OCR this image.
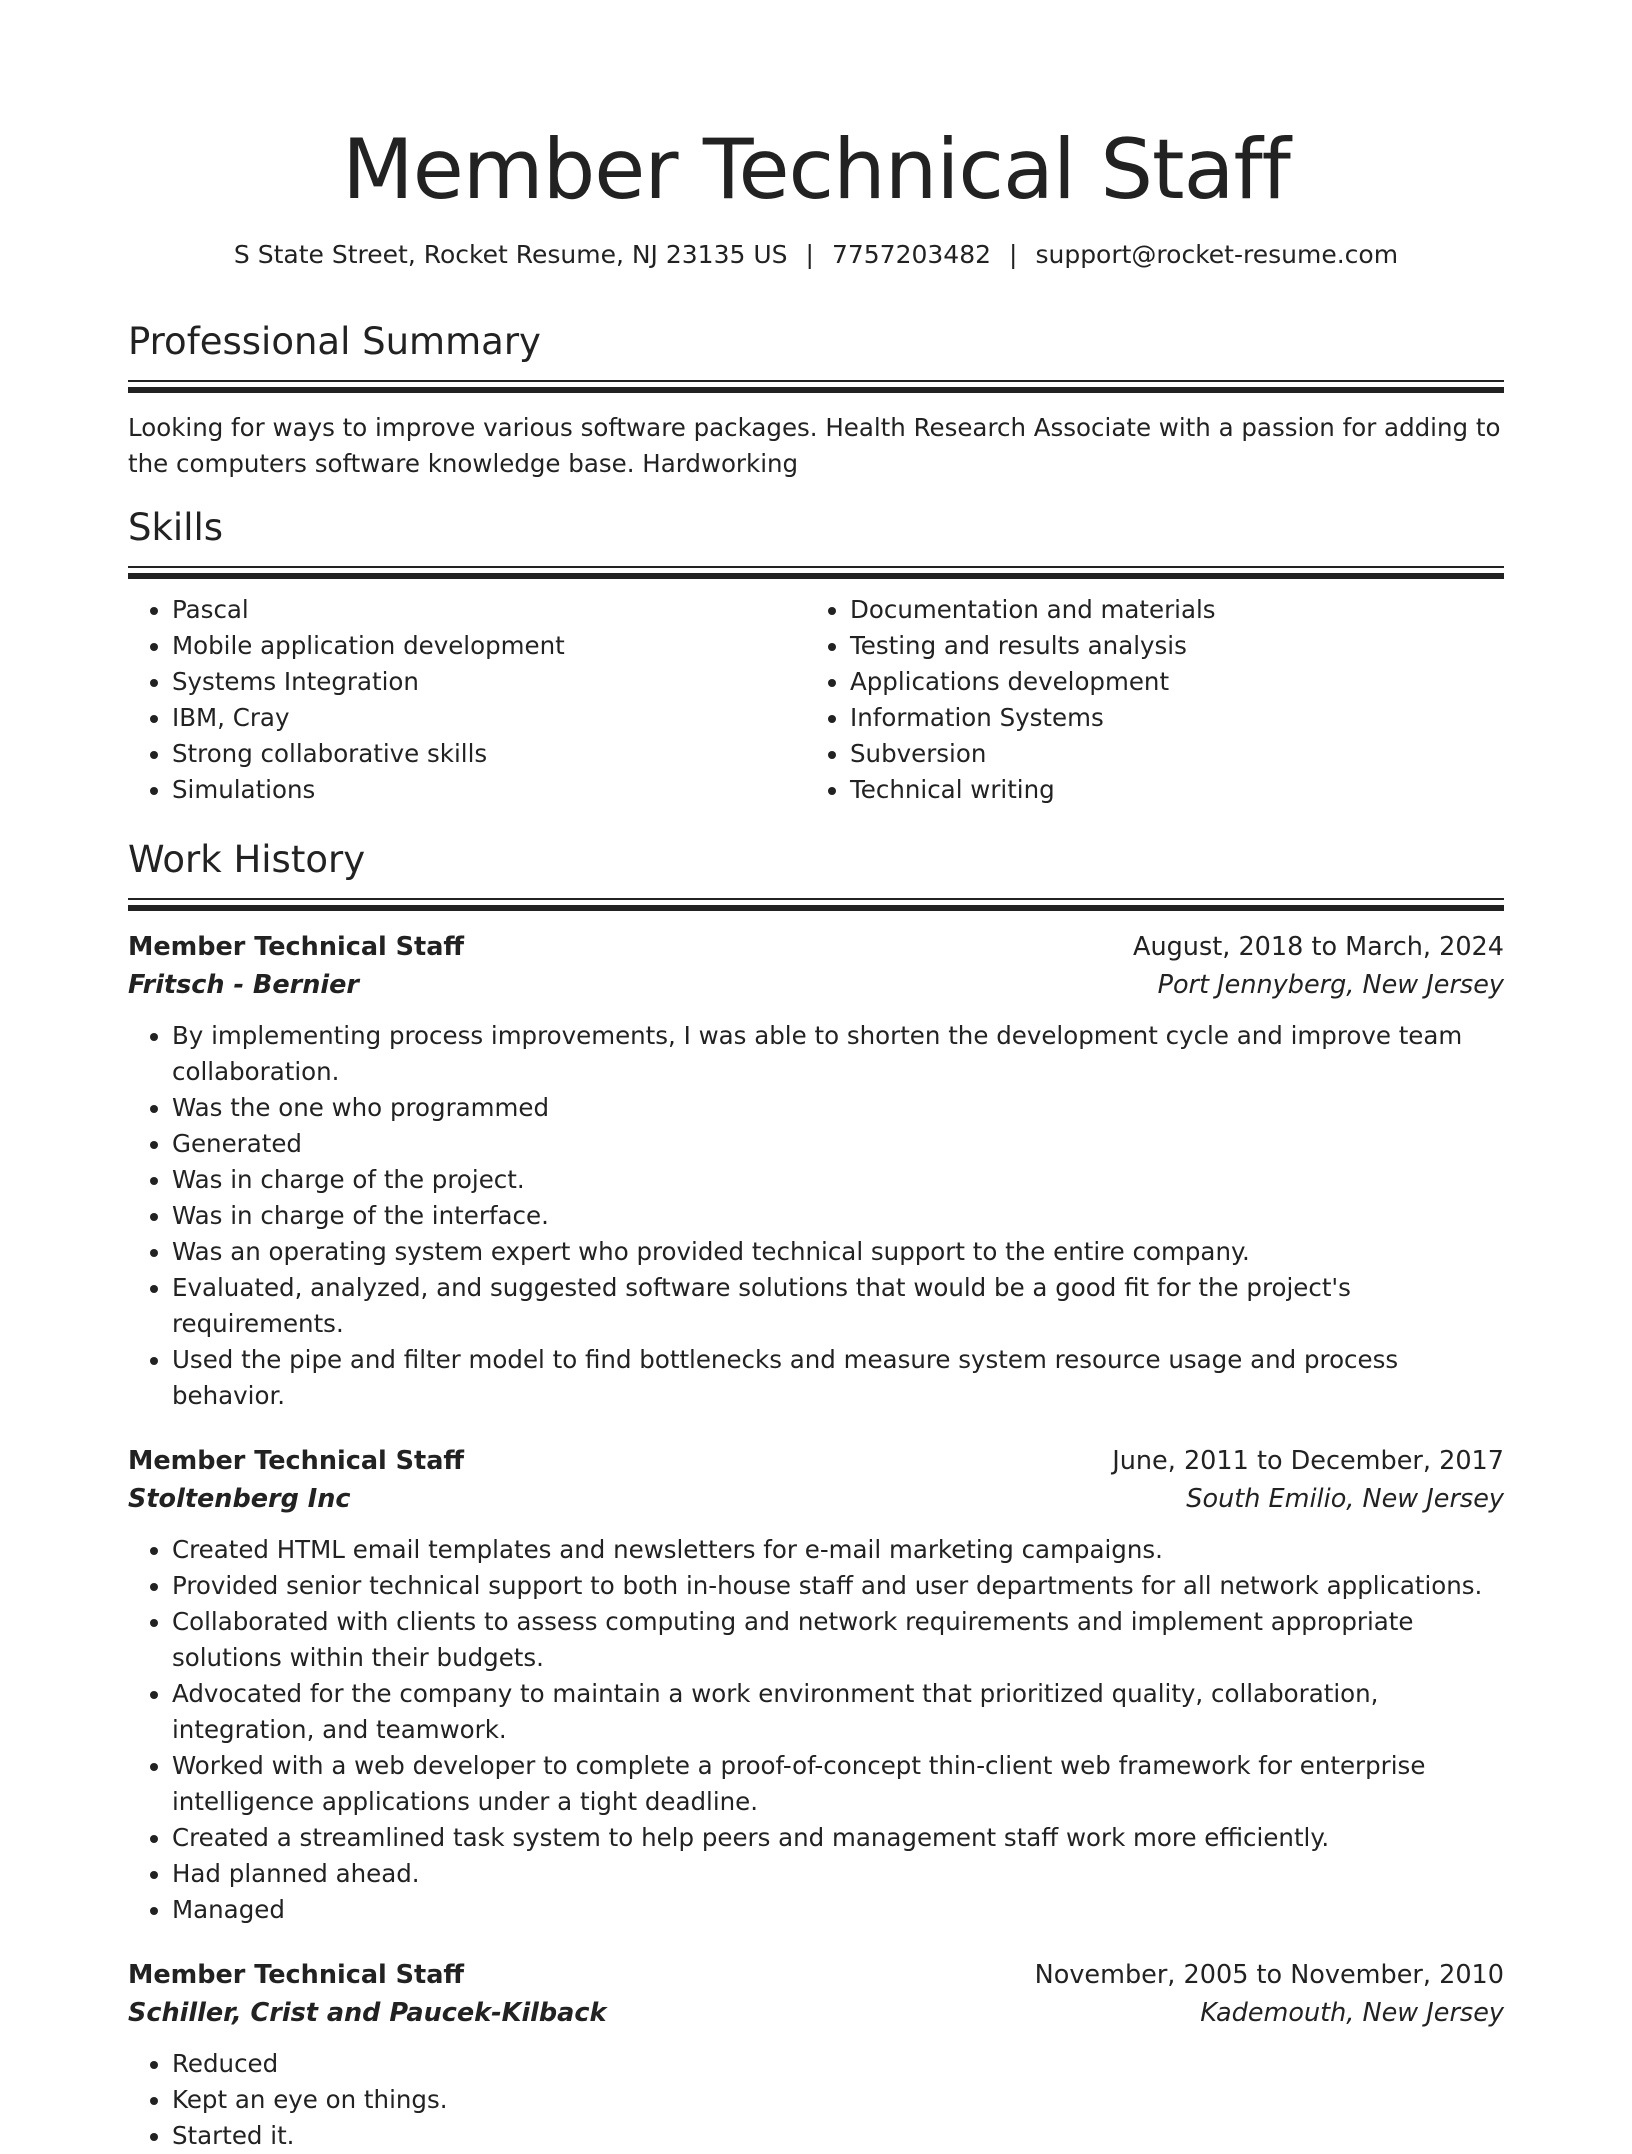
Member Technical Staff
S State Street, Rocket Resume, NJ 23135 US | 7757203482 | support@rocket-resume.com
Professional Summary

Looking for ways to improve various software packages. Health Research Associate with a passion for adding to the computers software knowledge base. Hardworking

Skills
• Pascal
• Mobile application development
• Systems Integration
• IBM, Cray
• Strong collaborative skills
• Simulations
• Documentation and materials
• Testing and results analysis
• Applications development
• Information Systems
• Subversion
• Technical writing
Work History
Member Technical Staff	August, 2018 to March, 2024
Fritsch - Bernier	Port Jennyberg, New Jersey
• By implementing process improvements, I was able to shorten the development cycle and improve team collaboration.
• Was the one who programmed
• Generated
• Was in charge of the project.
• Was in charge of the interface.
• Was an operating system expert who provided technical support to the entire company.
• Evaluated, analyzed, and suggested software solutions that would be a good fit for the project's requirements.
• Used the pipe and filter model to find bottlenecks and measure system resource usage and process behavior.
Member Technical Staff	June, 2011 to December, 2017
Stoltenberg Inc	South Emilio, New Jersey
• Created HTML email templates and newsletters for e-mail marketing campaigns.
• Provided senior technical support to both in-house staff and user departments for all network applications.
• Collaborated with clients to assess computing and network requirements and implement appropriate solutions within their budgets.
• Advocated for the company to maintain a work environment that prioritized quality, collaboration, integration, and teamwork.
• Worked with a web developer to complete a proof-of-concept thin-client web framework for enterprise intelligence applications under a tight deadline.
• Created a streamlined task system to help peers and management staff work more efficiently.
• Had planned ahead.
• Managed
Member Technical Staff	November, 2005 to November, 2010
Schiller, Crist and Paucek-Kilback	Kademouth, New Jersey
• Reduced
• Kept an eye on things.
• Started it.
